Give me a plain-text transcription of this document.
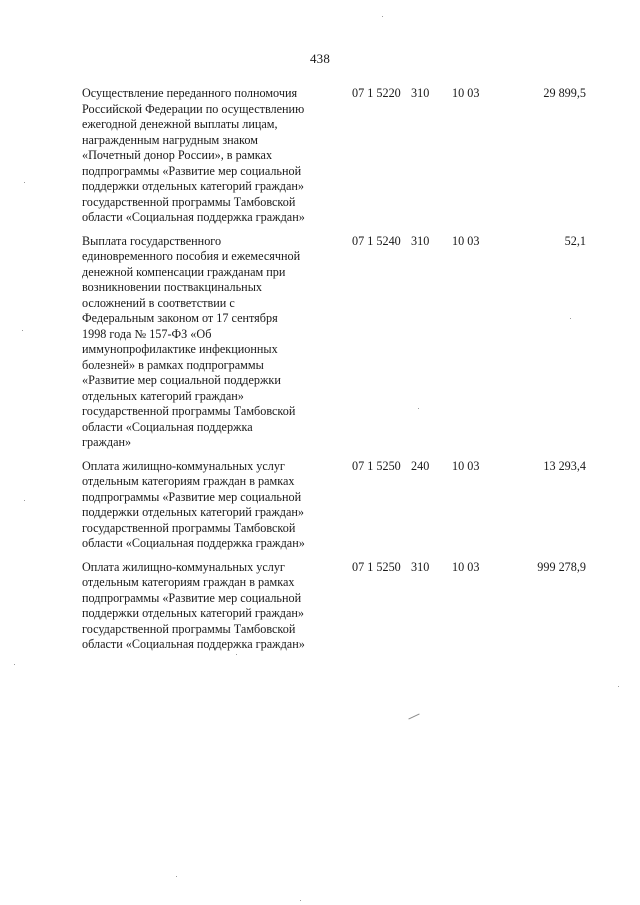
438
Осуществление переданного полномочия
Российской Федерации по осуществлению
ежегодной денежной выплаты лицам,
награжденным нагрудным знаком
«Почетный донор России», в рамках
подпрограммы «Развитие мер социальной
поддержки отдельных категорий граждан»
государственной программы Тамбовской
области «Социальная поддержка граждан»
07 1 5220 310 10 03	29 899,5
Выплата государственного
единовременного пособия и ежемесячной
денежной компенсации гражданам при
возникновении поствакцинальных
осложнений в соответствии с
Федеральным законом от 17 сентября
1998 года № 157-ФЗ «Об
иммунопрофилактике инфекционных
болезней» в рамках подпрограммы
«Развитие мер социальной поддержки
отдельных категорий граждан»
государственной программы Тамбовской
области «Социальная поддержка
граждан»
07 1 5240 310 10 03	52,1
Оплата жилищно-коммунальных услуг
отдельным категориям граждан в рамках
подпрограммы «Развитие мер социальной
поддержки отдельных категорий граждан»
государственной программы Тамбовской
области «Социальная поддержка граждан»
07 1 5250 240 10 03	13 293,4
Оплата жилищно-коммунальных услуг
отдельным категориям граждан в рамках
подпрограммы «Развитие мер социальной
поддержки отдельных категорий граждан»
государственной программы Тамбовской
области «Социальная поддержка граждан»
07 1 5250 310 10 03	999 278,9
